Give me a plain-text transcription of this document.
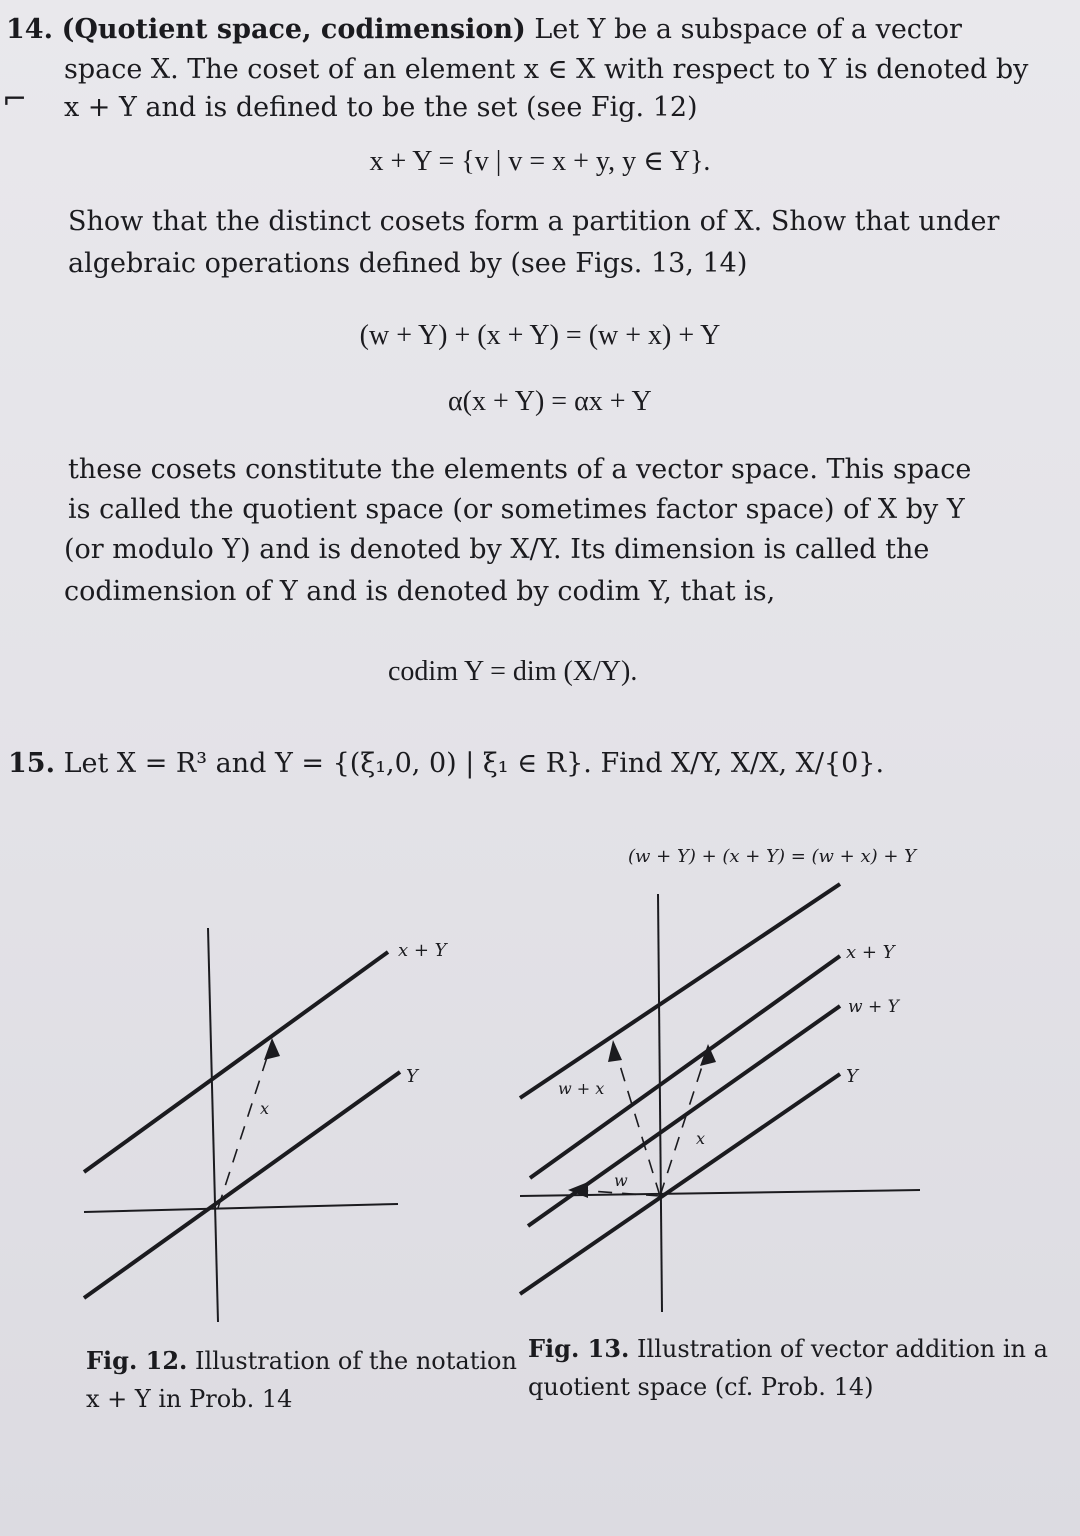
14. (Quotient space, codimension) Let Y be a subspace of a vector
⌐
space X. The coset of an element x ∈ X with respect to Y is denoted by
x + Y and is defined to be the set (see Fig. 12)
x + Y = {v | v = x + y, y ∈ Y}.
Show that the distinct cosets form a partition of X. Show that under
algebraic operations defined by (see Figs. 13, 14)
(w + Y) + (x + Y) = (w + x) + Y
α(x + Y) = αx + Y
these cosets constitute the elements of a vector space. This space
is called the quotient space (or sometimes factor space) of X by Y
(or modulo Y) and is denoted by X/Y. Its dimension is called the
codimension of Y and is denoted by codim Y, that is,
codim Y = dim (X/Y).
15. Let X = R³ and Y = {(ξ₁,0, 0) | ξ₁ ∈ R}. Find X/Y, X/X, X/{0}.
x + Y
Y
x
(w + Y) + (x + Y) = (w + x) + Y
x + Y
w + Y
Y
w + x
w
x
Fig. 12. Illustration of the notation
x + Y in Prob. 14
Fig. 13. Illustration of vector addition in a
quotient space (cf. Prob. 14)
